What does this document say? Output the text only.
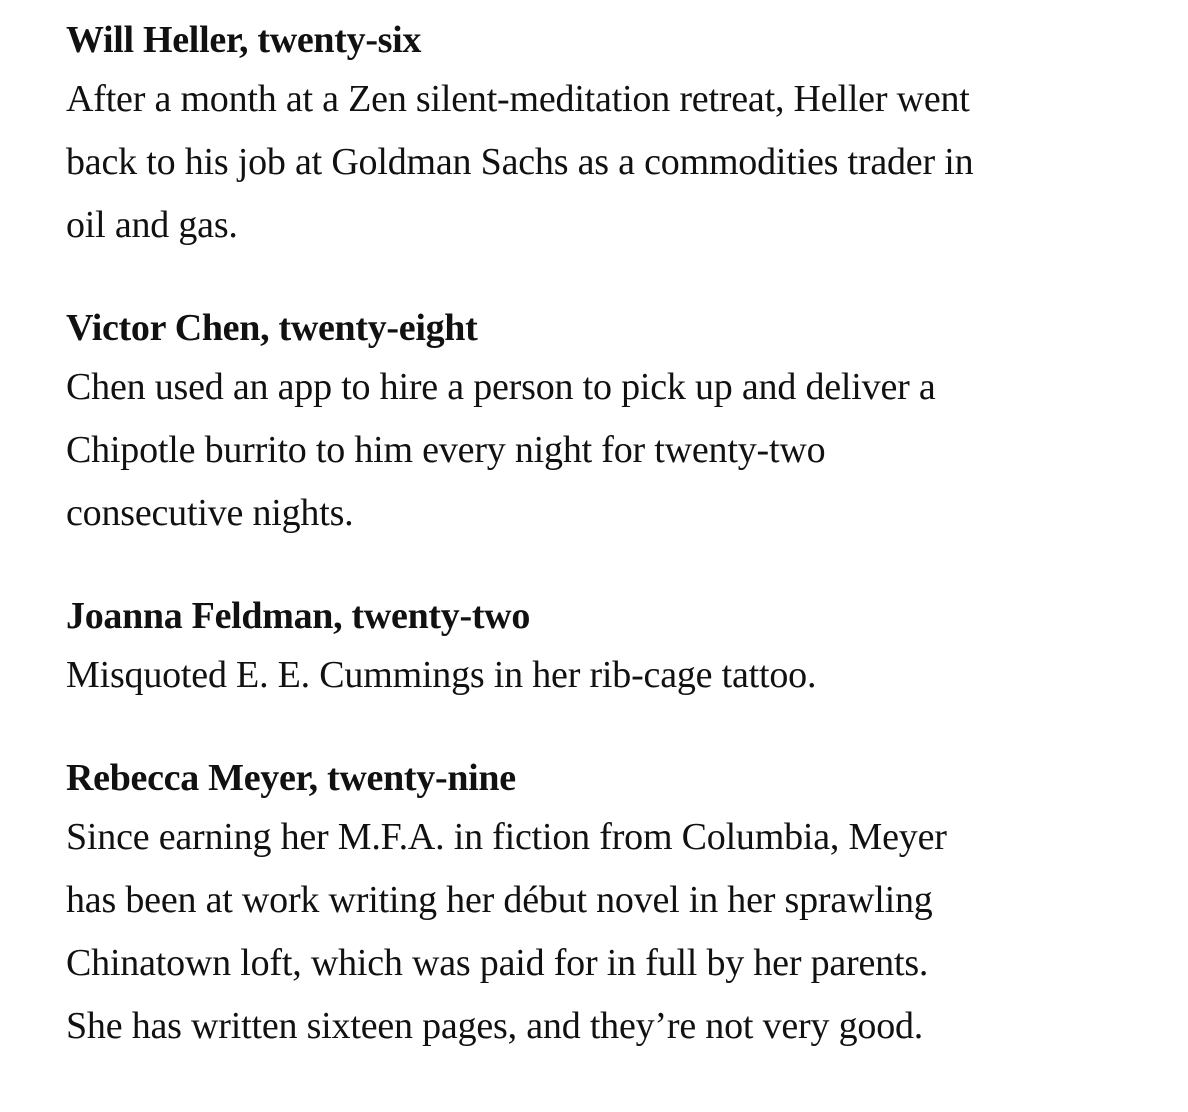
Will Heller, twenty-six

After a month at a Zen silent-meditation retreat, Heller went
back to his job at Goldman Sachs as a commodities trader in
oil and gas.

Victor Chen, twenty-eight

Chen used an app to hire a person to pick up and deliver a
Chipotle burrito to him every night for twenty-two
consecutive nights.

Joanna Feldman, twenty-two

Misquoted E. E. Cummings in her rib-cage tattoo.

Rebecca Meyer, twenty-nine

Since earning her M.F.A. in fiction from Columbia, Meyer
has been at work writing her début novel in her sprawling
Chinatown loft, which was paid for in full by her parents.
She has written sixteen pages, and they’re not very good.
